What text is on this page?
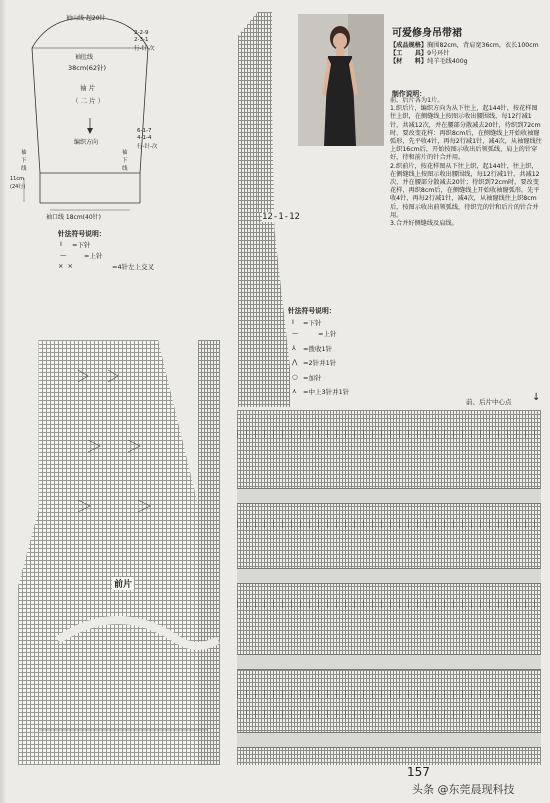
袖山线 起20针
2-2-9
2-3-1
行-针-次
袖肚线
38cm(62针)
袖 片
（ 二 片 ）
编织方向
6-1-7
4-1-4
行-针-次
袖
下
线
袖
下
线
11cm
(24行)
袖口线 18cm(40针)
针法符号说明：
Ⅰ =下针
—	=上针
⨯⨯	=4针左上交叉
前片
12-1-12
可爱修身吊带裙
【成品规格】胸围82cm，背肩宽36cm，衣长100cm
【工　　具】9号环针
【材　　料】纯羊毛线400g
制作说明：
前、后片各为1片。
1.织后片，编织方向为从下往上，起144针，按花样图往上织，在侧缝线上按图示收出腰围线，每12行减1针，共减12次，并在腰部分散减去20针，待织到72cm时，要改变花样：再织8cm后，在侧缝线上开始收袖窿弧形，先平收4针，再每2行减1针，减4次，从袖窿线往上织16cm后，开始按图示收出后领弧线，肩上的针穿好，待和前片的针合并用。
2.织前片，按花样图从下往上织，起144针，往上织，在侧缝线上按图示收出腰围线，每12行减1针，共减12次，并在腰部分散减去20针；待织到72cm时，要改变花样，再织8cm后，在侧缝线上开始收袖窿弧形，先平收4针，再每2行减1针，减4次，从袖窿线往上织8cm后，按图示收出前领弧线，待织完的针和后片的针合并用。
3.合并好侧缝线及肩线。
针法符号说明：
Ⅰ =下针
—	=上针
⅄ =拨收1针
⋀ =2针并1针
○ =加针
⋏ =中上3针并1针
前、后片中心点 ↓
157
头条 @东莞晨现科技
